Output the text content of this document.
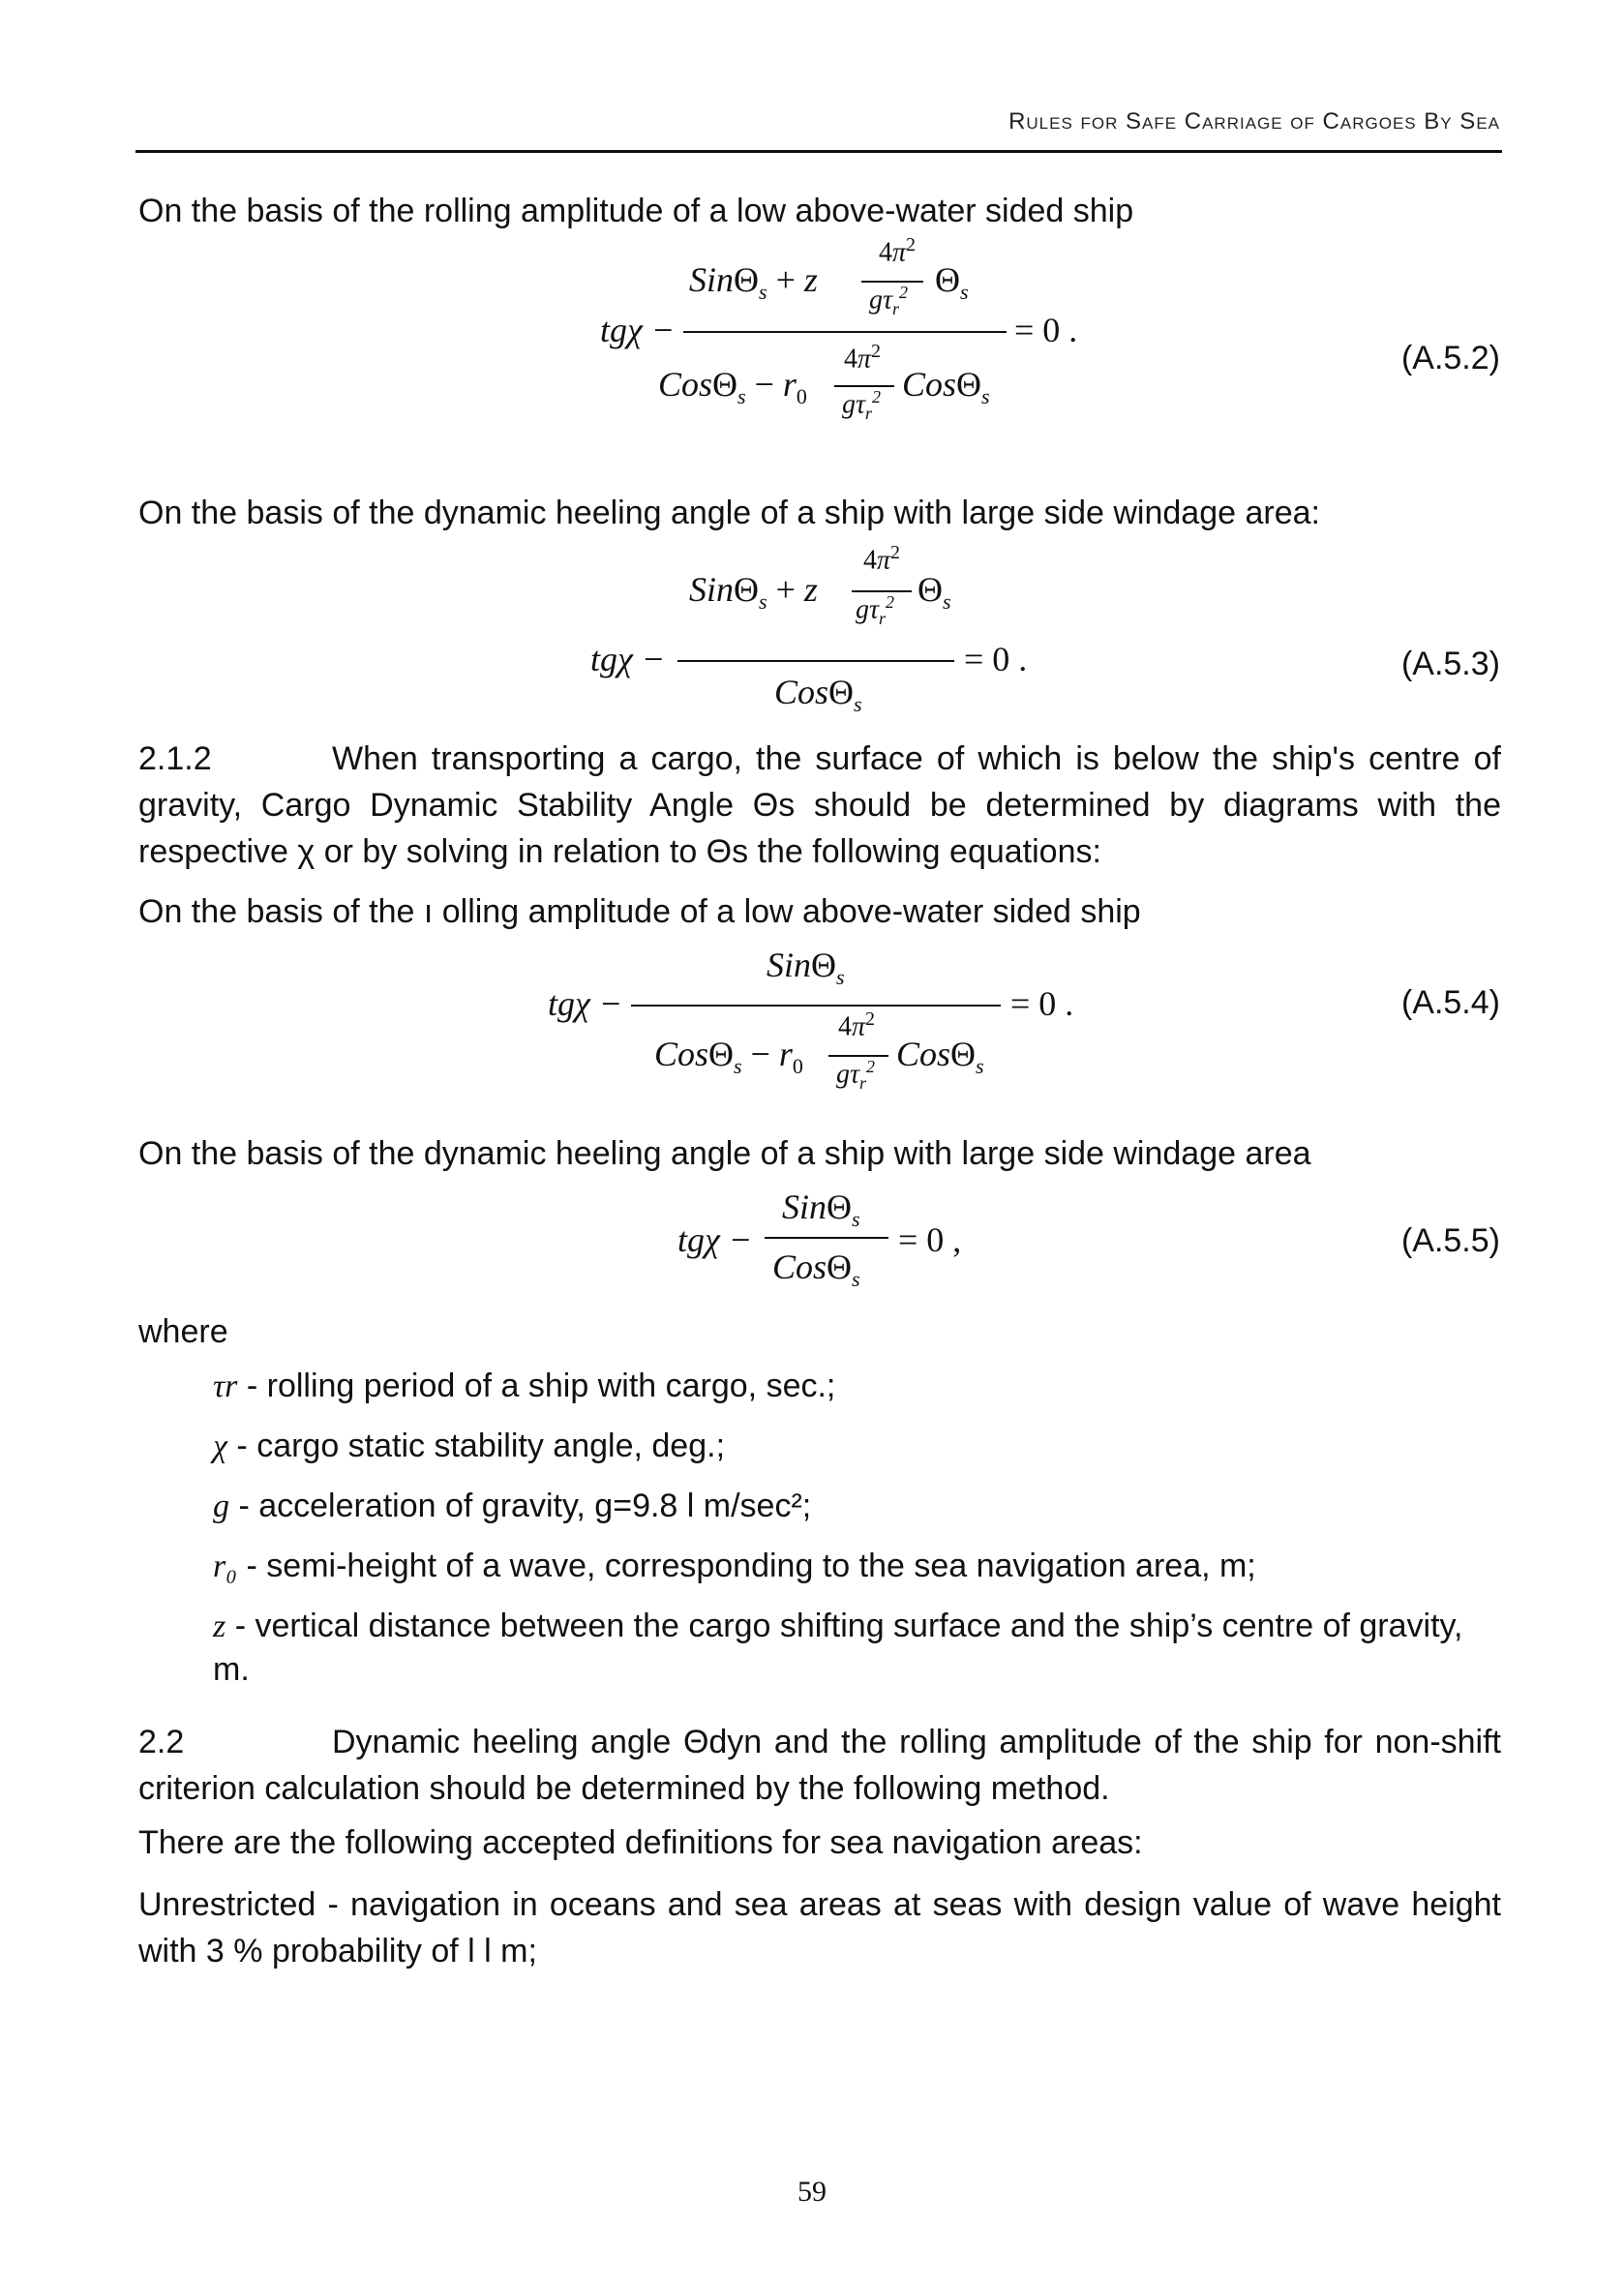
Rules for Safe Carriage of Cargoes By Sea
On the basis of the rolling amplitude of a low above-water sided ship
$4\pi^2$
SinΘ$_s$ + z	$\Theta_s$
$g\tau_r^2$
tgχ −	= 0 .
$4\pi^2$
$Cos\Theta_s - r_0$	CosΘ$_s$
$g\tau_r^2$
(A.5.2)
On the basis of the dynamic heeling angle of a ship with large side windage area:
$4\pi^2$
SinΘ$_s$ + z	$\Theta_s$
$g\tau_r^2$
tgχ −	= 0 .
CosΘ$_s$
(A.5.3)
2.1.2	When transporting a cargo, the surface of which is below the ship's centre of gravity, Cargo Dynamic Stability Angle Θs should be determined by diagrams with the respective χ or by solving in relation to Θs the following equations:
On the basis of the ı olling amplitude of a low above-water sided ship
SinΘ$_s$
tgχ −	= 0 .
$4\pi^2$
$Cos\Theta_s - r_0$	CosΘ$_s$
$g\tau_r^2$
(A.5.4)
On the basis of the dynamic heeling angle of a ship with large side windage area
SinΘ$_s$
tgχ −	= 0 ,
CosΘ$_s$
(A.5.5)
where
τr - rolling period of a ship with cargo, sec.;
χ - cargo static stability angle, deg.;
g - acceleration of gravity, g=9.8 l m/sec²;
r₀ - semi-height of a wave, corresponding to the sea navigation area, m;
z - vertical distance between the cargo shifting surface and the ship’s centre of gravity, m.
2.2	Dynamic heeling angle Θdyn and the rolling amplitude of the ship for non-shift criterion calculation should be determined by the following method.
There are the following accepted definitions for sea navigation areas:
Unrestricted - navigation in oceans and sea areas at seas with design value of wave height with 3 % probability of l l m;
59
